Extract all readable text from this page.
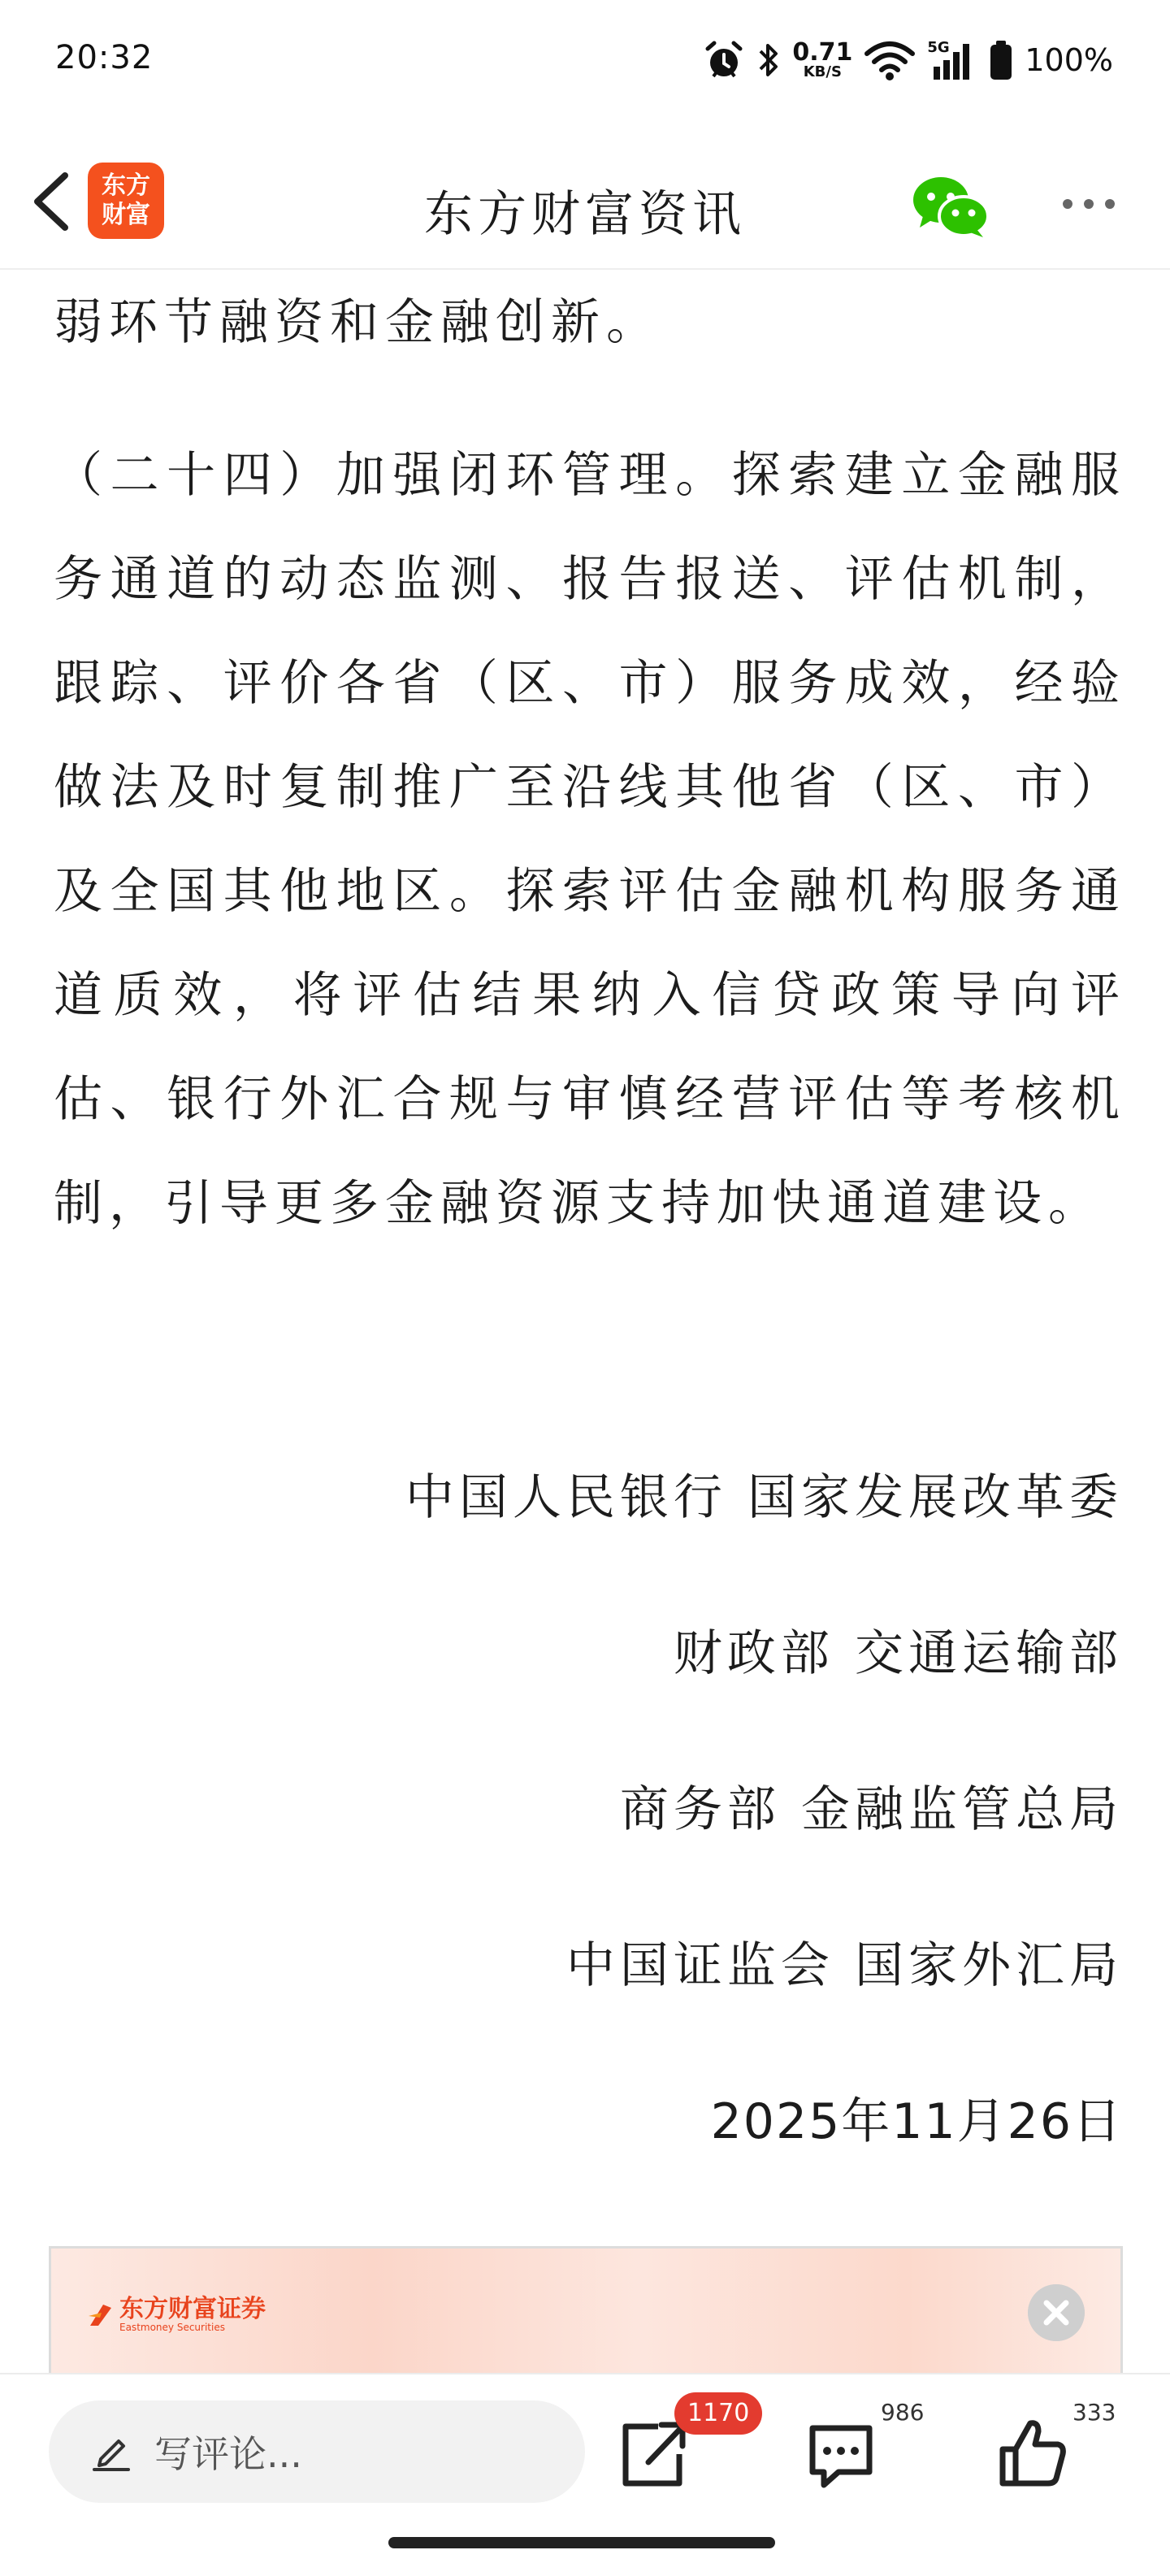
20:32	0.71
KB/S
5G 100%
东方
财富	东方财富资讯

弱环节融资和金融创新。

（二十四）加强闭环管理。探索建立金融服务通道的动态监测、报告报送、评估机制，跟踪、评价各省（区、市）服务成效，经验做法及时复制推广至沿线其他省（区、市）及全国其他地区。探索评估金融机构服务通道质效，将评估结果纳入信贷政策导向评估、银行外汇合规与审慎经营评估等考核机制，引导更多金融资源支持加快通道建设。

中国人民银行 国家发展改革委
财政部 交通运输部
商务部 金融监管总局
中国证监会 国家外汇局
2025年11月26日
东方财富证券
Eastmoney Securities
写评论...
1170	986	333
